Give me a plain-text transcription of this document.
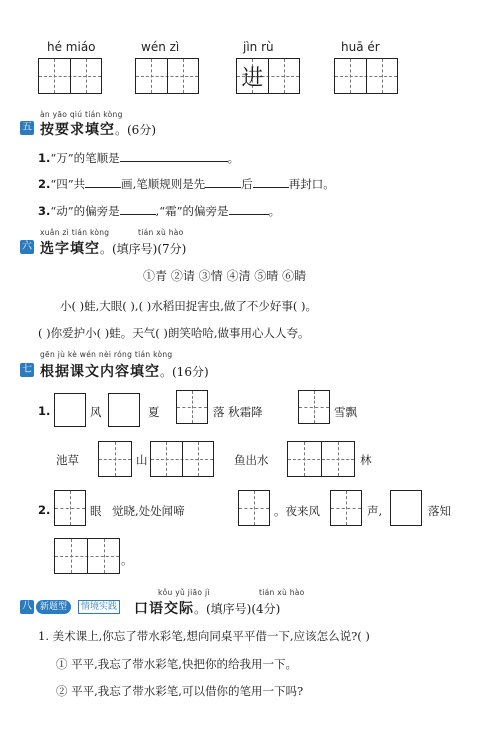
hé miáo	wén zì	jìn rù
进
huā ér
àn yāo qiú tián kòng
五 按要求填空。(6分)
1.“万”的笔顺是	。
2.“四”共	画,笔顺规则是先	后	再封口。
3.“动”的偏旁是	,“霜”的偏旁是	。
xuǎn zì tián kòng	tián xù hào
六 选字填空。(填序号)(7分)
①青 ②请 ③情 ④清 ⑤晴 ⑥睛
小( )蛙,大眼( ),( )水稻田捉害虫,做了不少好事( )。
( )你爱护小( )蛙。天气( )朗笑哈哈,做事用心人人夸。
gēn jù kè wén nèi róng tián kòng
七 根据课文内容填空。(16分)
1.	风	夏	落 秋霜降	雪飘
池草	山	鱼出水	林
2.	眼 觉晓,处处闻啼	。夜来风	声,	落知
。
kǒu yǔ jiāo jì	tián xù hào
八 新题型	情境实践 口语交际。(填序号)(4分)
1. 美术课上,你忘了带水彩笔,想向同桌平平借一下,应该怎么说?( )
① 平平,我忘了带水彩笔,快把你的给我用一下。
② 平平,我忘了带水彩笔,可以借你的笔用一下吗?
